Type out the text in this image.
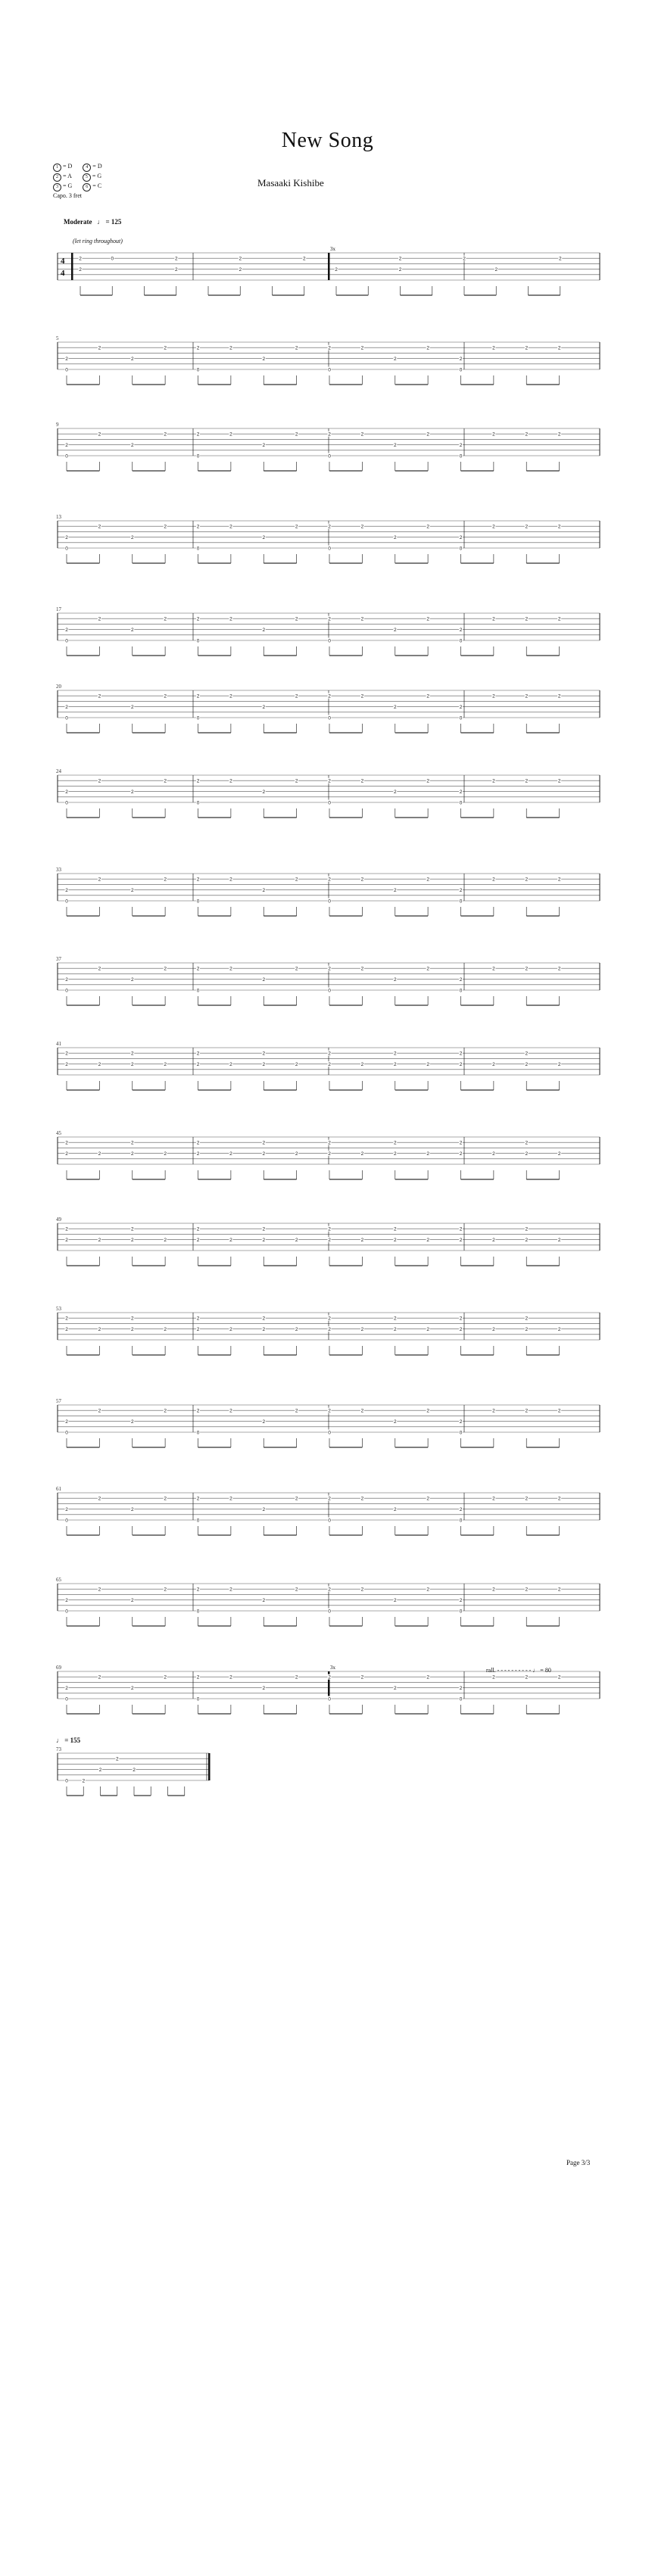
New Song
Masaaki Kishibe
1 = D	4 = D
2 = A	5 = G
3 = G	6 = C
Capo. 3 fret
Moderate   ♩ = 125
4
4
3x
2	0	2	2	2	2	2	2
2	2	2	2	2	2
5
2	2	2	2	2	2	2	2	2	2	2
2	2	2	2	2
0	0	0	0
9
2	2	2	2	2	2	2	2	2	2	2
2	2	2	2	2
0	0	0	0
13
2	2	2	2	2	2	2	2	2	2	2
2	2	2	2	2
0	0	0	0
17
2	2	2	2	2	2	2	2	2	2	2
2	2	2	2	2
0	0	0	0
20
2	2	2	2	2	2	2	2	2	2	2
2	2	2	2	2
0	0	0	0
24
2	2	2	2	2	2	2	2	2	2	2
2	2	2	2	2
0	0	0	0
33
2	2	2	2	2	2	2	2	2	2	2
2	2	2	2	2
0	0	0	0
37
2	2	2	2	2	2	2	2	2	2	2
2	2	2	2	2
0	0	0	0
41
2	2	2	2	2	2	2	2
2	2	2	2	2	2	2	2	2	2	2	2	2	2	2	2
45
2	2	2	2	2	2	2	2
2	2	2	2	2	2	2	2	2	2	2	2	2	2	2	2
49
2	2	2	2	2	2	2	2
2	2	2	2	2	2	2	2	2	2	2	2	2	2	2	2
53
2	2	2	2	2	2	2	2
2	2	2	2	2	2	2	2	2	2	2	2	2	2	2	2
57
2	2	2	2	2	2	2	2	2	2	2
2	2	2	2	2
0	0	0	0
61
2	2	2	2	2	2	2	2	2	2	2
2	2	2	2	2
0	0	0	0
65
2	2	2	2	2	2	2	2	2	2	2
2	2	2	2	2
0	0	0	0
69	3x
2	2	2	2	2	2	2	2	2	2	2
2	2	2	2	2
0	0	0	0
73
2
2	2
0	2
♩ = 155
Page 3/3
(let ring throughout)
rall. - - - - - - - - - - ♩ = 80
